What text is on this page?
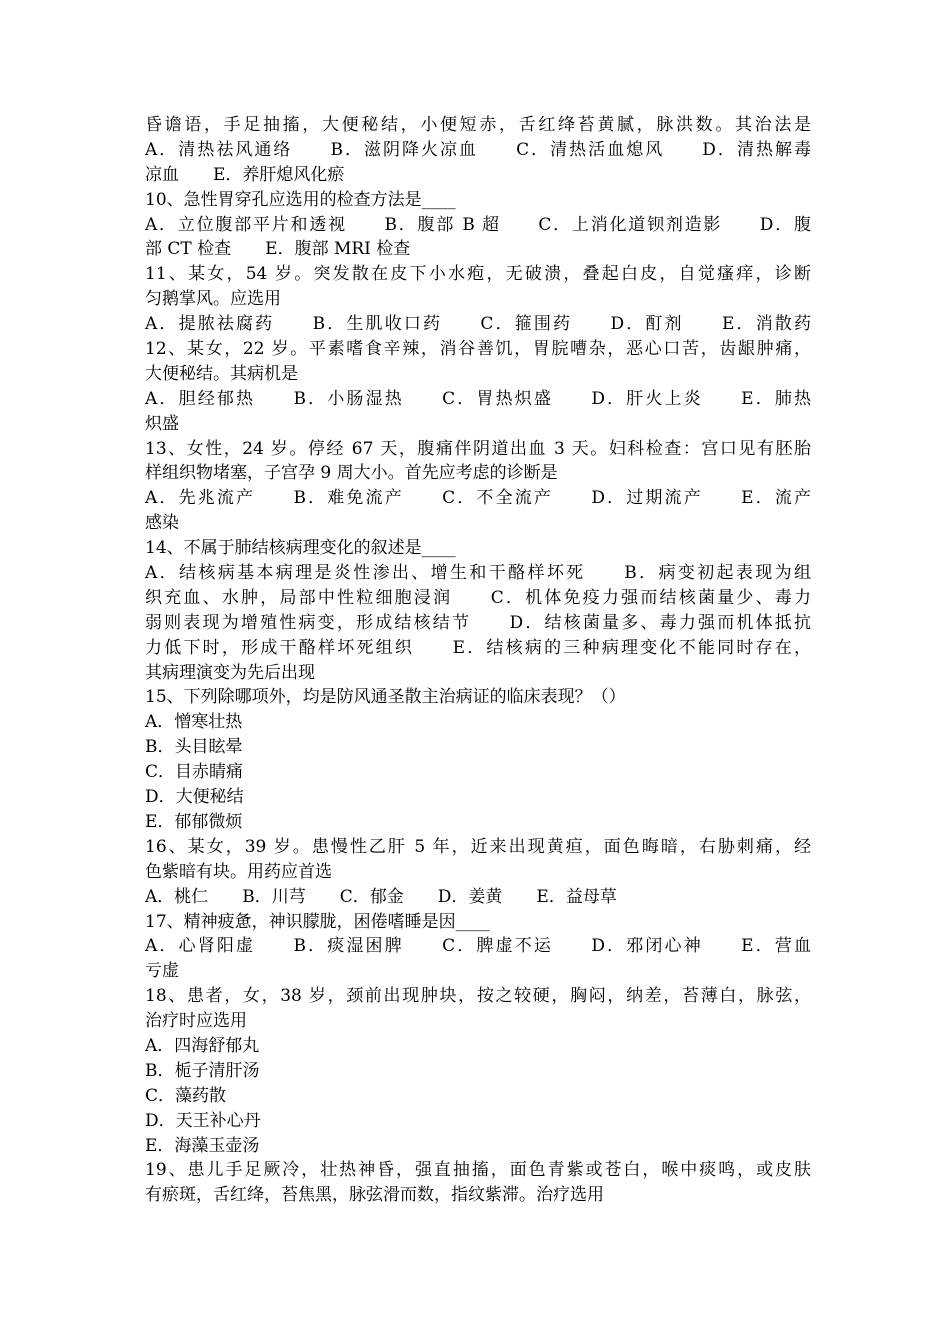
昏谵语，手足抽搐，大便秘结，小便短赤，舌红绛苔黄腻，脉洪数。其治法是
A．清热祛风通络　　B．滋阴降火凉血　　C．清热活血熄风　　D．清热解毒
凉血　　E．养肝熄风化瘀
10、急性胃穿孔应选用的检查方法是____
A．立位腹部平片和透视　　B．腹部 B 超　　C．上消化道钡剂造影　　D．腹
部 CT 检查　　E．腹部 MRI 检查
11、某女，54 岁。突发散在皮下小水疱，无破溃，叠起白皮，自觉瘙痒，诊断
匀鹅掌风。应选用
A．提脓祛腐药　　B．生肌收口药　　C．箍围药　　D．酊剂　　E．消散药
12、某女，22 岁。平素嗜食辛辣，消谷善饥，胃脘嘈杂，恶心口苦，齿龈肿痛，
大便秘结。其病机是
A．胆经郁热　　B．小肠湿热　　C．胃热炽盛　　D．肝火上炎　　E．肺热
炽盛
13、女性，24 岁。停经 67 天，腹痛伴阴道出血 3 天。妇科检查：宫口见有胚胎
样组织物堵塞，子宫孕 9 周大小。首先应考虑的诊断是
A．先兆流产　　B．难免流产　　C．不全流产　　D．过期流产　　E．流产
感染
14、不属于肺结核病理变化的叙述是____
A．结核病基本病理是炎性渗出、增生和干酪样坏死　　B．病变初起表现为组
织充血、水肿，局部中性粒细胞浸润　　C．机体免疫力强而结核菌量少、毒力
弱则表现为增殖性病变，形成结核结节　　D．结核菌量多、毒力强而机体抵抗
力低下时，形成干酪样坏死组织　　E．结核病的三种病理变化不能同时存在，
其病理演变为先后出现
15、下列除哪项外，均是防风通圣散主治病证的临床表现？（）
A．憎寒壮热
B．头目眩晕
C．目赤睛痛
D．大便秘结
E．郁郁微烦
16、某女，39 岁。患慢性乙肝 5 年，近来出现黄疸，面色晦暗，右胁刺痛，经
色紫暗有块。用药应首选
A．桃仁　　B．川芎　　C．郁金　　D．姜黄　　E．益母草
17、精神疲惫，神识朦胧，困倦嗜睡是因____
A．心肾阳虚　　B．痰湿困脾　　C．脾虚不运　　D．邪闭心神　　E．营血
亏虚
18、患者，女，38 岁，颈前出现肿块，按之较硬，胸闷，纳差，苔薄白，脉弦，
治疗时应选用
A．四海舒郁丸
B．栀子清肝汤
C．藻药散
D．天王补心丹
E．海藻玉壶汤
19、患儿手足厥冷，壮热神昏，强直抽搐，面色青紫或苍白，喉中痰鸣，或皮肤
有瘀斑，舌红绛，苔焦黑，脉弦滑而数，指纹紫滞。治疗选用
